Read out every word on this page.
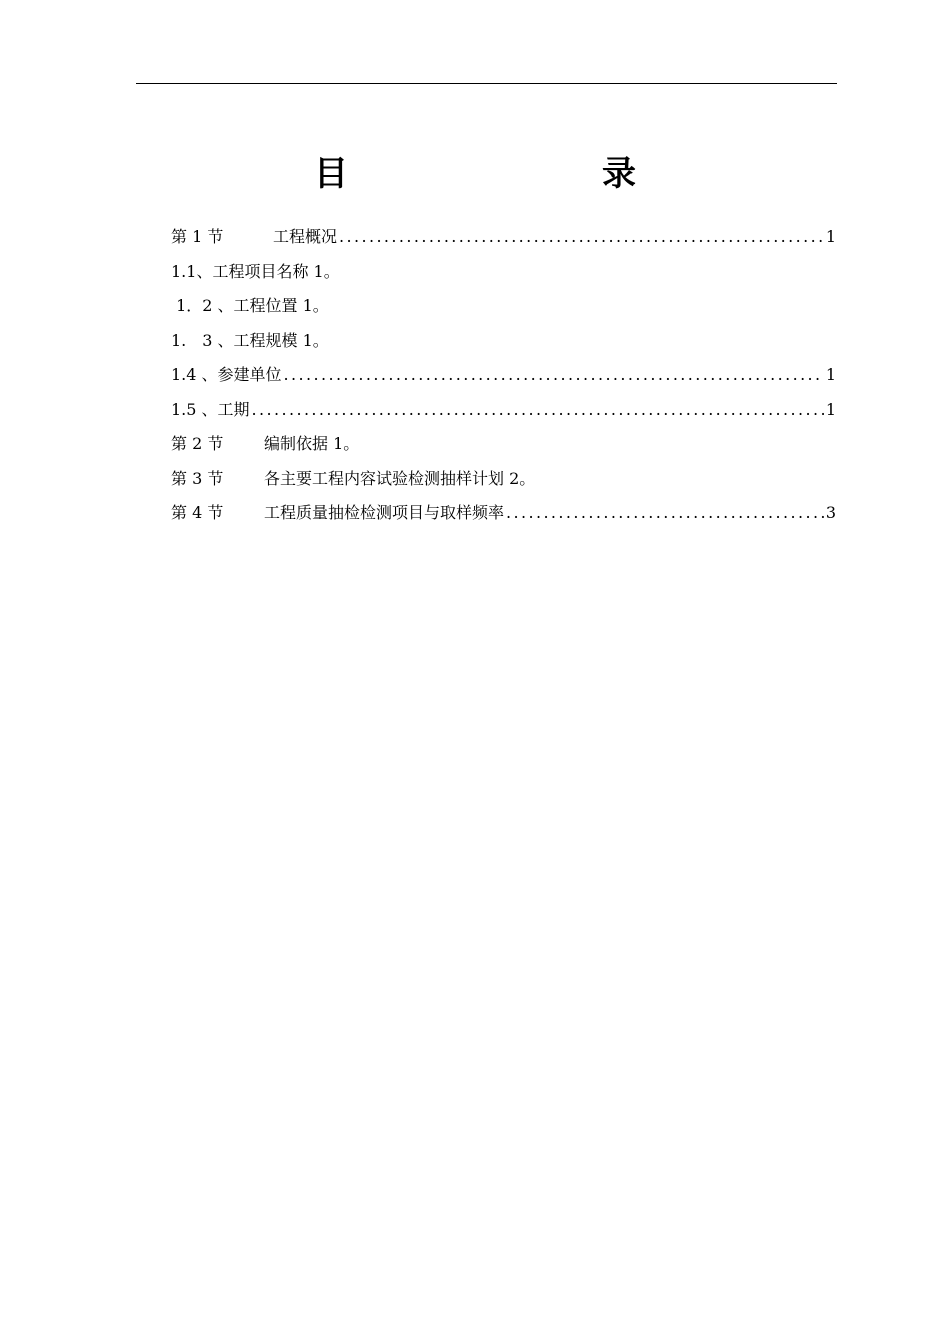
目　　录
第 1 节	工程概况 .....	1
1.1、工程项目名称 1。
1．2 、工程位置 1。
1.　3 、工程规模 1。
1.4 、参建单位 .....	1
1.5 、工期 .....	1
第 2 节	编制依据 1。
第 3 节	各主要工程内容试验检测抽样计划 2。
第 4 节	工程质量抽检检测项目与取样频率 .....	3
